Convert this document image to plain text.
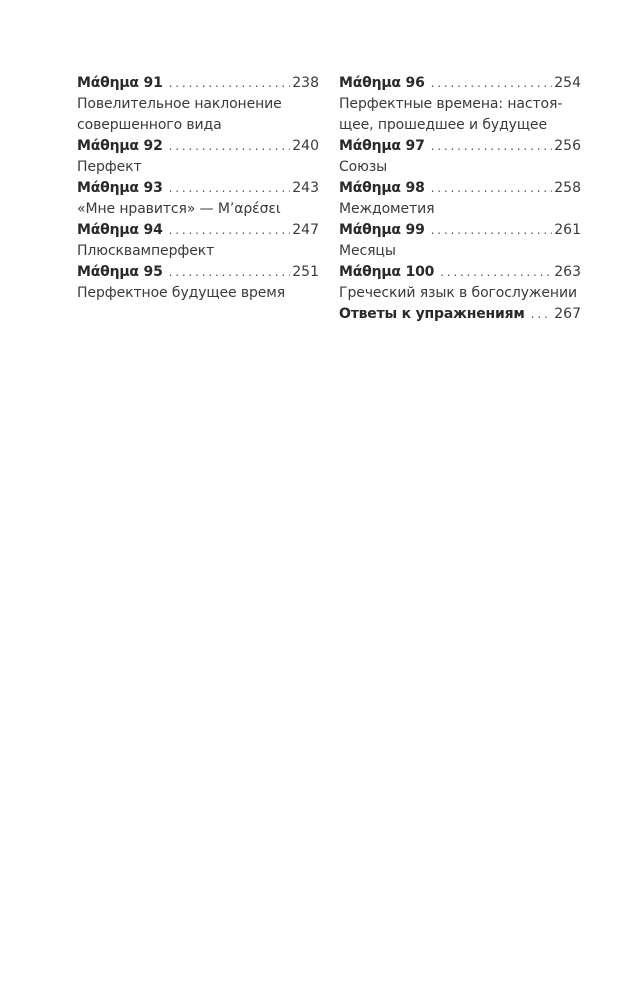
Μάθημα 91 . . .	238
Повелительное наклонение совершенного вида
Μάθημα 92 . . .	240
Перфект
Μάθημα 93 . . .	243
«Мне нравится» — Μ’αρέσει
Μάθημα 94 . . .	247
Плюсквамперфект
Μάθημα 95 . . .	251
Перфектное будущее время
Μάθημα 96 . . .	254
Перфектные времена: настоя-щее, прошедшее и будущее
Μάθημα 97 . . .	256
Союзы
Μάθημα 98 . . .	258
Междометия
Μάθημα 99 . . .	261
Месяцы
Μάθημα 100 . . .	263
Греческий язык в богослужении
Ответы к упражнениям . . . 267
